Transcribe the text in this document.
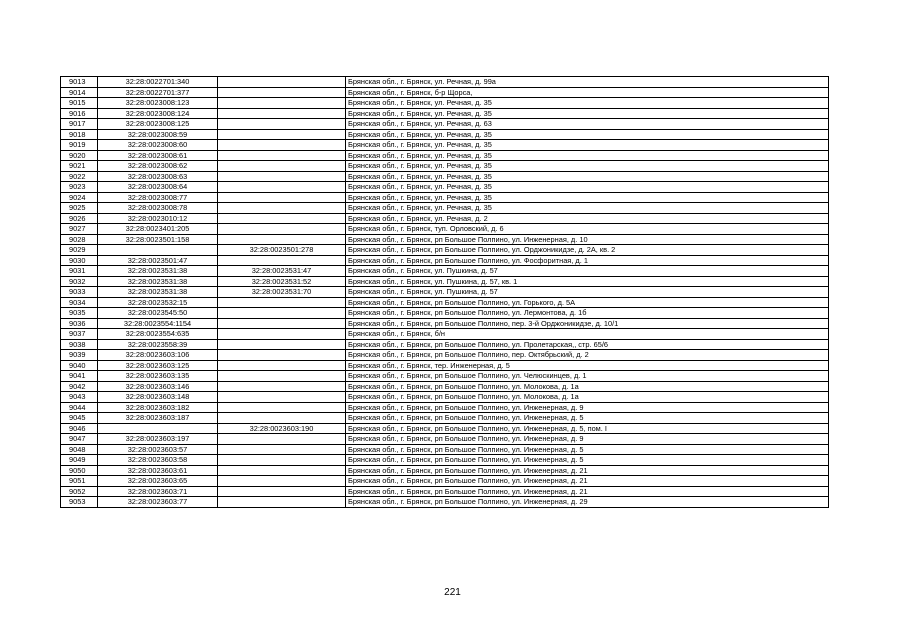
9013	32:28:0022701:340		Брянская обл., г. Брянск, ул. Речная, д. 99а
9014	32:28:0022701:377		Брянская обл., г. Брянск, б-р Щорса,
9015	32:28:0023008:123		Брянская обл., г. Брянск, ул. Речная, д. 35
9016	32:28:0023008:124		Брянская обл., г. Брянск, ул. Речная, д. 35
9017	32:28:0023008:125		Брянская обл., г. Брянск, ул. Речная, д. 63
9018	32:28:0023008:59		Брянская обл., г. Брянск, ул. Речная, д. 35
9019	32:28:0023008:60		Брянская обл., г. Брянск, ул. Речная, д. 35
9020	32:28:0023008:61		Брянская обл., г. Брянск, ул. Речная, д. 35
9021	32:28:0023008:62		Брянская обл., г. Брянск, ул. Речная, д. 35
9022	32:28:0023008:63		Брянская обл., г. Брянск, ул. Речная, д. 35
9023	32:28:0023008:64		Брянская обл., г. Брянск, ул. Речная, д. 35
9024	32:28:0023008:77		Брянская обл., г. Брянск, ул. Речная, д. 35
9025	32:28:0023008:78		Брянская обл., г. Брянск, ул. Речная, д. 35
9026	32:28:0023010:12		Брянская обл., г. Брянск, ул. Речная, д. 2
9027	32:28:0023401:205		Брянская обл., г. Брянск, туп. Орловский, д. 6
9028	32:28:0023501:158		Брянская обл., г. Брянск, рп Большое Полпино, ул. Инженерная, д. 10
9029		32:28:0023501:278	Брянская обл., г. Брянск, рп Большое Полпино, ул. Орджоникидзе, д. 2А, кв. 2
9030	32:28:0023501:47		Брянская обл., г. Брянск, рп Большое Полпино, ул. Фосфоритная, д. 1
9031	32:28:0023531:38	32:28:0023531:47	Брянская обл., г. Брянск, ул. Пушкина, д. 57
9032	32:28:0023531:38	32:28:0023531:52	Брянская обл., г. Брянск, ул. Пушкина, д. 57, кв. 1
9033	32:28:0023531:38	32:28:0023531:70	Брянская обл., г. Брянск, ул. Пушкина, д. 57
9034	32:28:0023532:15		Брянская обл., г. Брянск, рп Большое Полпино, ул. Горького, д. 5А
9035	32:28:0023545:50		Брянская обл., г. Брянск, рп Большое Полпино, ул. Лермонтова, д. 1б
9036	32:28:0023554:1154		Брянская обл., г. Брянск, рп Большое Полпино, пер. 3-й Орджоникидзе, д. 10/1
9037	32:28:0023554:635		Брянская обл., г. Брянск, б/н
9038	32:28:0023558:39		Брянская обл., г. Брянск, рп Большое Полпино, ул. Пролетарская,, стр. 65/6
9039	32:28:0023603:106		Брянская обл., г. Брянск, рп Большое Полпино, пер. Октябрьский, д. 2
9040	32:28:0023603:125		Брянская обл., г. Брянск, тер. Инженерная, д. 5
9041	32:28:0023603:135		Брянская обл., г. Брянск, рп Большое Полпино, ул. Челюскинцев, д. 1
9042	32:28:0023603:146		Брянская обл., г. Брянск, рп Большое Полпино, ул. Молокова, д. 1а
9043	32:28:0023603:148		Брянская обл., г. Брянск, рп Большое Полпино, ул. Молокова, д. 1а
9044	32:28:0023603:182		Брянская обл., г. Брянск, рп Большое Полпино, ул. Инженерная, д. 9
9045	32:28:0023603:187		Брянская обл., г. Брянск, рп Большое Полпино, ул. Инженерная, д. 5
9046		32:28:0023603:190	Брянская обл., г. Брянск, рп Большое Полпино, ул. Инженерная, д. 5, пом. I
9047	32:28:0023603:197		Брянская обл., г. Брянск, рп Большое Полпино, ул. Инженерная, д. 9
9048	32:28:0023603:57		Брянская обл., г. Брянск, рп Большое Полпино, ул. Инженерная, д. 5
9049	32:28:0023603:58		Брянская обл., г. Брянск, рп Большое Полпино, ул. Инженерная, д. 5
9050	32:28:0023603:61		Брянская обл., г. Брянск, рп Большое Полпино, ул. Инженерная, д. 21
9051	32:28:0023603:65		Брянская обл., г. Брянск, рп Большое Полпино, ул. Инженерная, д. 21
9052	32:28:0023603:71		Брянская обл., г. Брянск, рп Большое Полпино, ул. Инженерная, д. 21
9053	32:28:0023603:77		Брянская обл., г. Брянск, рп Большое Полпино, ул. Инженерная, д. 29
221
